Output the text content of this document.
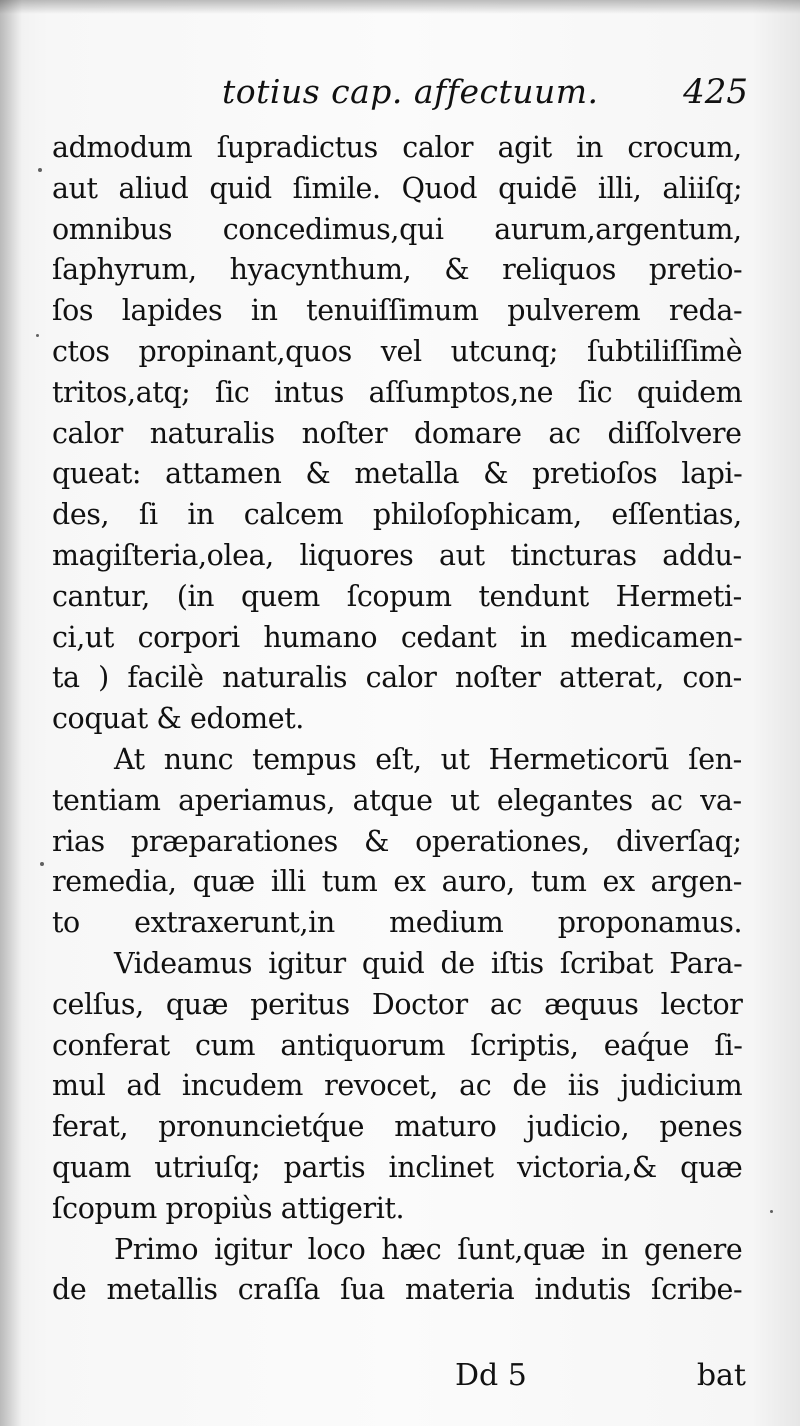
totius cap. affectuum. 425
admodum ſupradictus calor agit in crocum,
aut aliud quid ſimile. Quod quidē illi, aliiſq;
omnibus concedimus,qui aurum,argentum,
ſaphyrum, hyacynthum, & reliquos pretio-
ſos lapides in tenuiſſimum pulverem reda-
ctos propinant,quos vel utcunq; ſubtiliſſimè
tritos,atq; ſic intus aſſumptos,ne ſic quidem
calor naturalis noſter domare ac diſſolvere
queat: attamen & metalla & pretioſos lapi-
des, ſi in calcem philoſophicam, eſſentias,
magiſteria,olea, liquores aut tincturas addu-
cantur, (in quem ſcopum tendunt Hermeti-
ci,ut corpori humano cedant in medicamen-
ta ) facilè naturalis calor noſter atterat, con-
coquat & edomet.
At nunc tempus eſt, ut Hermeticorū ſen-
tentiam aperiamus, atque ut elegantes ac va-
rias præparationes & operationes, diverſaq;
remedia, quæ illi tum ex auro, tum ex argen-
to extraxerunt,in medium proponamus.
Videamus igitur quid de iſtis ſcribat Para-
celſus, quæ peritus Doctor ac æquus lector
conferat cum antiquorum ſcriptis, eaq́ue ſi-
mul ad incudem revocet, ac de iis judicium
ferat, pronuncietq́ue maturo judicio, penes
quam utriuſq; partis inclinet victoria,& quæ
ſcopum propiùs attigerit.
Primo igitur loco hæc ſunt,quæ in genere
de metallis craſſa ſua materia indutis ſcribe-
Dd 5	bat
